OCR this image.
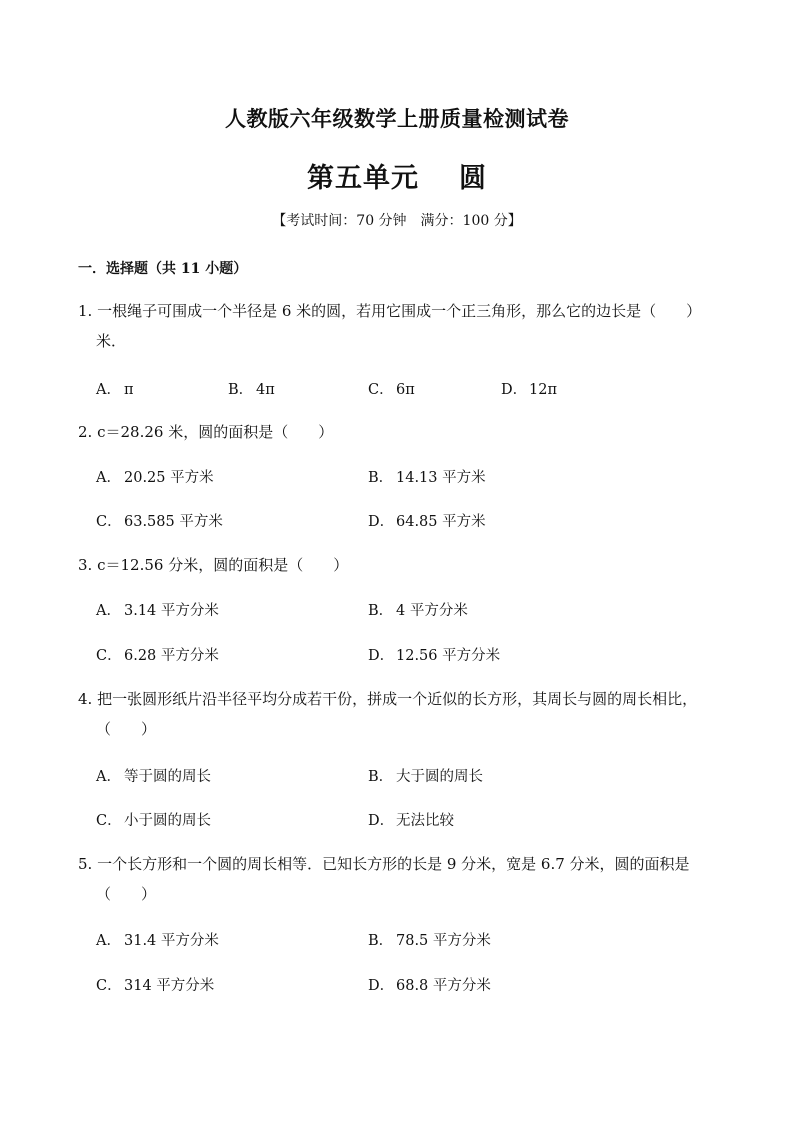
人教版六年级数学上册质量检测试卷
第五单元 圆
【考试时间：70 分钟 满分：100 分】
一．选择题（共 11 小题）
1. 一根绳子可围成一个半径是 6 米的圆，若用它围成一个正三角形，那么它的边长是（　　）
米．
A． π	B． 4π	C． 6π	D． 12π
2. c＝28.26 米，圆的面积是（　　）
A． 20.25 平方米	B． 14.13 平方米
C． 63.585 平方米	D． 64.85 平方米
3. c＝12.56 分米，圆的面积是（　　）
A． 3.14 平方分米	B． 4 平方分米
C． 6.28 平方分米	D． 12.56 平方分米
4. 把一张圆形纸片沿半径平均分成若干份，拼成一个近似的长方形，其周长与圆的周长相比，
（　　）
A． 等于圆的周长	B． 大于圆的周长
C． 小于圆的周长	D． 无法比较
5. 一个长方形和一个圆的周长相等．已知长方形的长是 9 分米，宽是 6.7 分米，圆的面积是
（　　）
A． 31.4 平方分米	B． 78.5 平方分米
C． 314 平方分米	D． 68.8 平方分米
